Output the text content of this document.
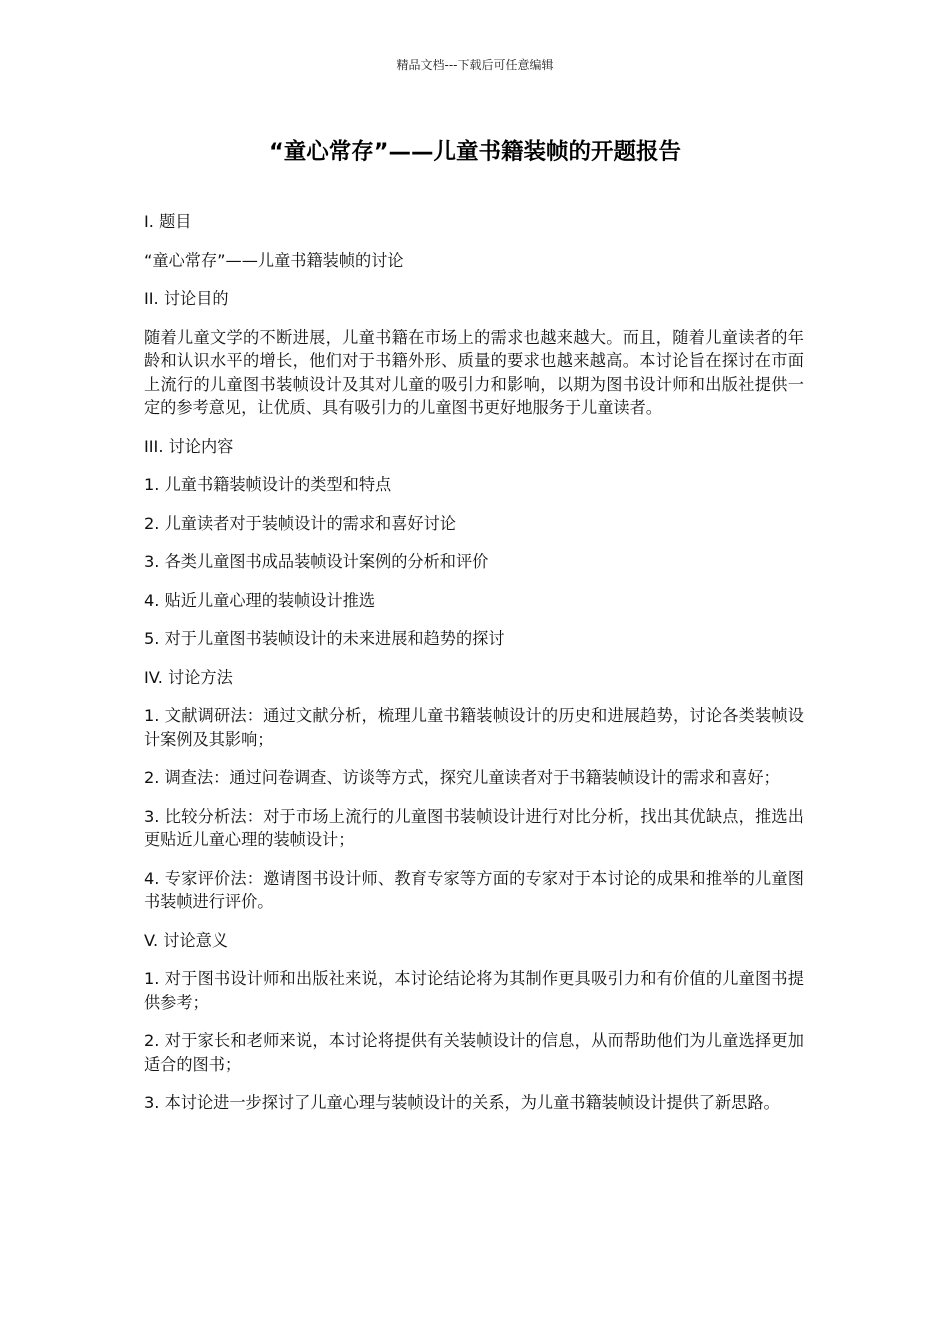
精品文档---下载后可任意编辑
“童心常存”——儿童书籍装帧的开题报告

I. 题目

“童心常存”——儿童书籍装帧的讨论

II. 讨论目的

随着儿童文学的不断进展，儿童书籍在市场上的需求也越来越大。而且，随着儿童读者的年龄和认识水平的增长，他们对于书籍外形、质量的要求也越来越高。本讨论旨在探讨在市面上流行的儿童图书装帧设计及其对儿童的吸引力和影响，以期为图书设计师和出版社提供一定的参考意见，让优质、具有吸引力的儿童图书更好地服务于儿童读者。

III. 讨论内容

1. 儿童书籍装帧设计的类型和特点

2. 儿童读者对于装帧设计的需求和喜好讨论

3. 各类儿童图书成品装帧设计案例的分析和评价

4. 贴近儿童心理的装帧设计推选

5. 对于儿童图书装帧设计的未来进展和趋势的探讨

IV. 讨论方法

1. 文献调研法：通过文献分析，梳理儿童书籍装帧设计的历史和进展趋势，讨论各类装帧设计案例及其影响；

2. 调查法：通过问卷调查、访谈等方式，探究儿童读者对于书籍装帧设计的需求和喜好；

3. 比较分析法：对于市场上流行的儿童图书装帧设计进行对比分析，找出其优缺点，推选出更贴近儿童心理的装帧设计；

4. 专家评价法：邀请图书设计师、教育专家等方面的专家对于本讨论的成果和推举的儿童图书装帧进行评价。

V. 讨论意义

1. 对于图书设计师和出版社来说，本讨论结论将为其制作更具吸引力和有价值的儿童图书提供参考；

2. 对于家长和老师来说，本讨论将提供有关装帧设计的信息，从而帮助他们为儿童选择更加适合的图书；

3. 本讨论进一步探讨了儿童心理与装帧设计的关系，为儿童书籍装帧设计提供了新思路。
